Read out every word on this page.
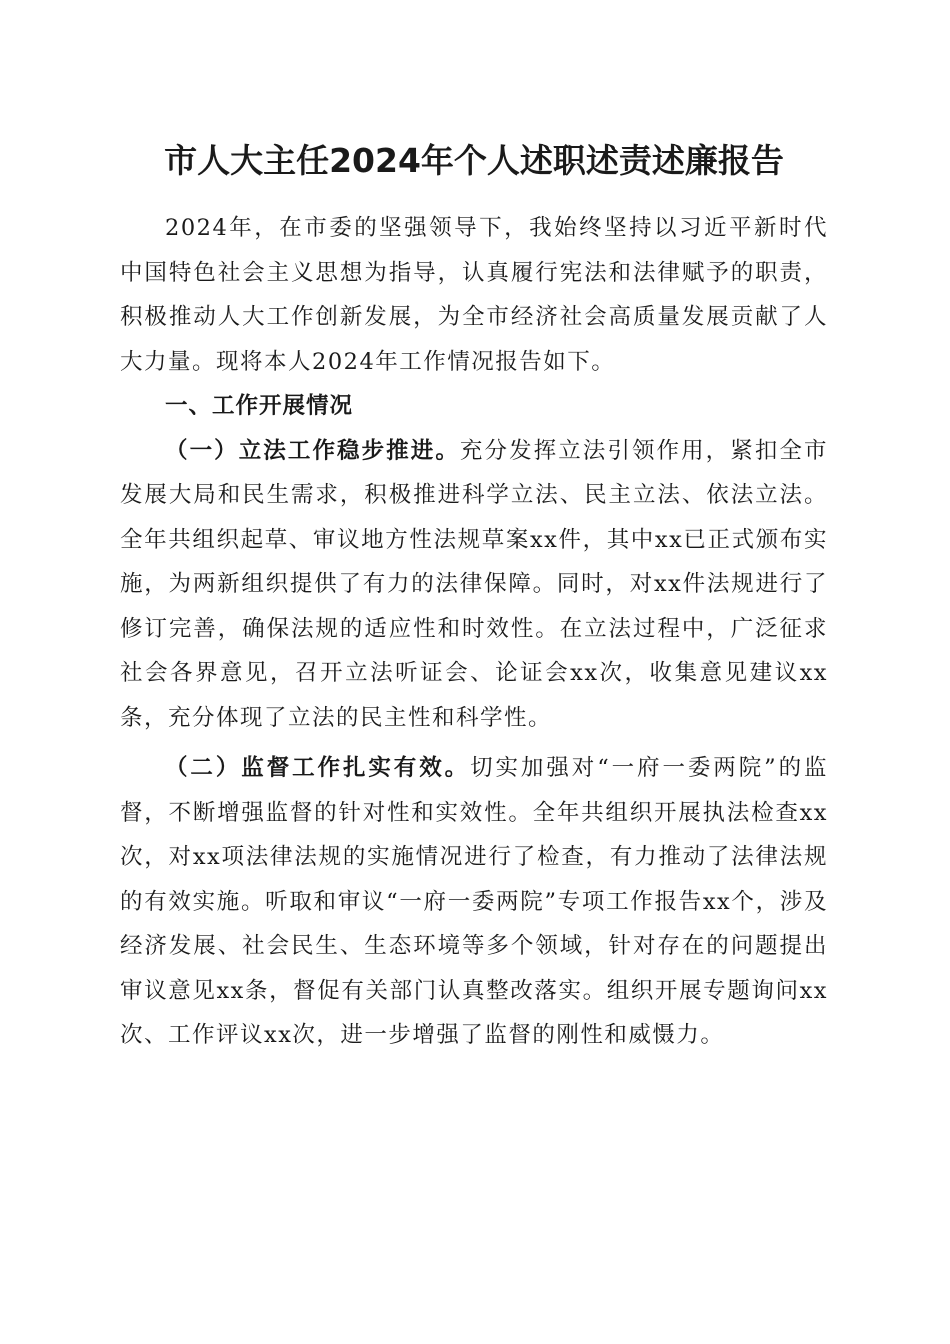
市人大主任2024年个人述职述责述廉报告

2024年，在市委的坚强领导下，我始终坚持以习近平新时代中国特色社会主义思想为指导，认真履行宪法和法律赋予的职责，积极推动人大工作创新发展，为全市经济社会高质量发展贡献了人大力量。现将本人2024年工作情况报告如下。

一、工作开展情况

（一）立法工作稳步推进。充分发挥立法引领作用，紧扣全市发展大局和民生需求，积极推进科学立法、民主立法、依法立法。全年共组织起草、审议地方性法规草案xx件，其中xx已正式颁布实施，为两新组织提供了有力的法律保障。同时，对xx件法规进行了修订完善，确保法规的适应性和时效性。在立法过程中，广泛征求社会各界意见，召开立法听证会、论证会xx次，收集意见建议xx条，充分体现了立法的民主性和科学性。

（二）监督工作扎实有效。切实加强对“一府一委两院”的监督，不断增强监督的针对性和实效性。全年共组织开展执法检查xx次，对xx项法律法规的实施情况进行了检查，有力推动了法律法规的有效实施。听取和审议“一府一委两院”专项工作报告xx个，涉及经济发展、社会民生、生态环境等多个领域，针对存在的问题提出审议意见xx条，督促有关部门认真整改落实。组织开展专题询问xx次、工作评议xx次，进一步增强了监督的刚性和威慑力。
